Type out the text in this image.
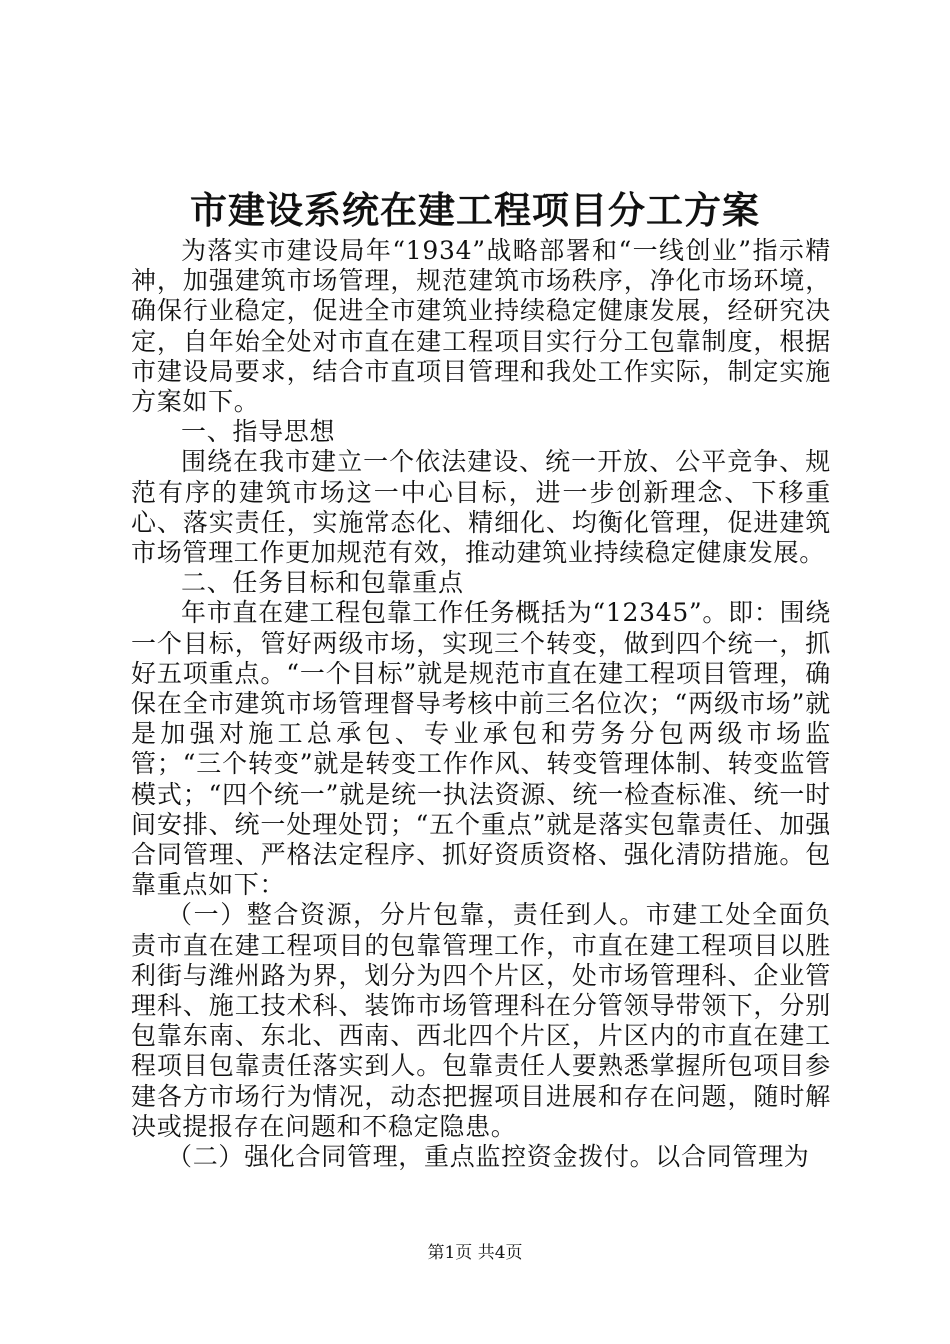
市建设系统在建工程项目分工方案

为落实市建设局年“1934”战略部署和“一线创业”指示精神，加强建筑市场管理，规范建筑市场秩序，净化市场环境，确保行业稳定，促进全市建筑业持续稳定健康发展，经研究决定，自年始全处对市直在建工程项目实行分工包靠制度，根据市建设局要求，结合市直项目管理和我处工作实际，制定实施方案如下。

一、指导思想

围绕在我市建立一个依法建设、统一开放、公平竞争、规范有序的建筑市场这一中心目标，进一步创新理念、下移重心、落实责任，实施常态化、精细化、均衡化管理，促进建筑市场管理工作更加规范有效，推动建筑业持续稳定健康发展。

二、任务目标和包靠重点

年市直在建工程包靠工作任务概括为“12345”。即：围绕一个目标，管好两级市场，实现三个转变，做到四个统一，抓好五项重点。“一个目标”就是规范市直在建工程项目管理，确保在全市建筑市场管理督导考核中前三名位次；“两级市场”就是加强对施工总承包、专业承包和劳务分包两级市场监管；“三个转变”就是转变工作作风、转变管理体制、转变监管模式；“四个统一”就是统一执法资源、统一检查标准、统一时间安排、统一处理处罚；“五个重点”就是落实包靠责任、加强合同管理、严格法定程序、抓好资质资格、强化清防措施。包靠重点如下：

（一）整合资源，分片包靠，责任到人。市建工处全面负责市直在建工程项目的包靠管理工作，市直在建工程项目以胜利街与潍州路为界，划分为四个片区，处市场管理科、企业管理科、施工技术科、装饰市场管理科在分管领导带领下，分别包靠东南、东北、西南、西北四个片区，片区内的市直在建工程项目包靠责任落实到人。包靠责任人要熟悉掌握所包项目参建各方市场行为情况，动态把握项目进展和存在问题，随时解决或提报存在问题和不稳定隐患。

（二）强化合同管理，重点监控资金拨付。以合同管理为

第1页 共4页
